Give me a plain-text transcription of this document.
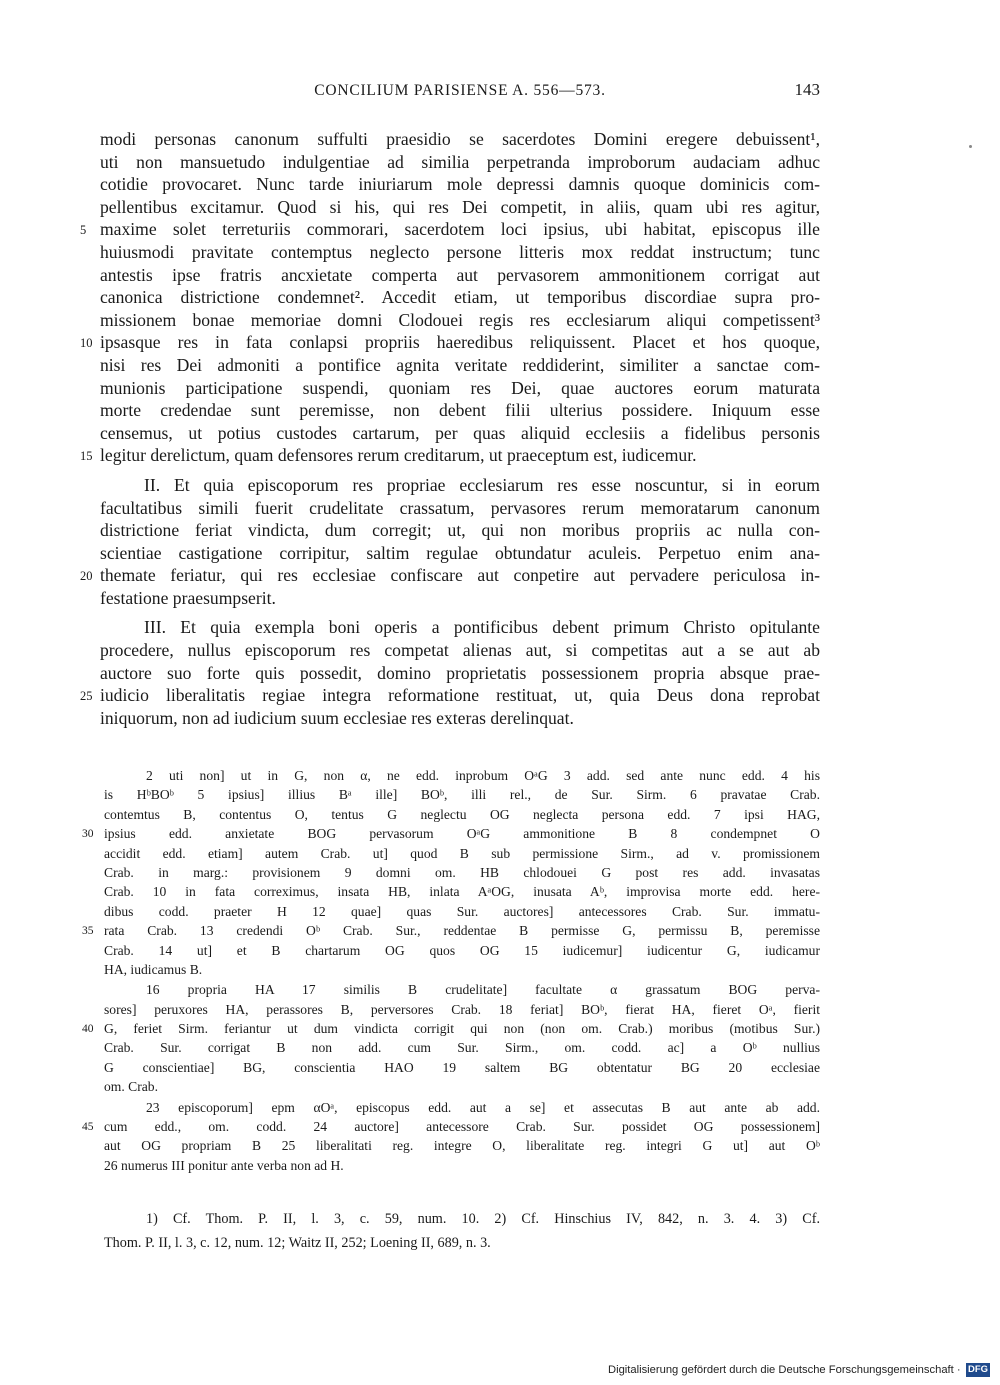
CONCILIUM PARISIENSE A. 556—573.	143
modi personas canonum suffulti praesidio se sacerdotes Domini eregere debuissent¹,
uti non mansuetudo indulgentiae ad similia perpetranda improborum audaciam adhuc
cotidie provocaret. Nunc tarde iniuriarum mole depressi damnis quoque dominicis com-
pellentibus excitamur. Quod si his, qui res Dei competit, in aliis, quam ubi res agitur,
5 maxime solet terreturiis commorari, sacerdotem loci ipsius, ubi habitat, episcopus ille
huiusmodi pravitate contemptus neglecto persone litteris mox reddat instructum; tunc
antestis ipse fratris ancxietate comperta aut pervasorem ammonitionem corrigat aut
canonica districtione condemnet². Accedit etiam, ut temporibus discordiae supra pro-
missionem bonae memoriae domni Clodouei regis res ecclesiarum aliqui competissent³
10 ipsasque res in fata conlapsi propriis haeredibus reliquissent. Placet et hos quoque,
nisi res Dei admoniti a pontifice agnita veritate reddiderint, similiter a sanctae com-
munionis participatione suspendi, quoniam res Dei, quae auctores eorum maturata
morte credendae sunt peremisse, non debent filii ulterius possidere. Iniquum esse
censemus, ut potius custodes cartarum, per quas aliquid ecclesiis a fidelibus personis
15 legitur derelictum, quam defensores rerum creditarum, ut praeceptum est, iudicemur.
II. Et quia episcoporum res propriae ecclesiarum res esse noscuntur, si in eorum
facultatibus simili fuerit crudelitate crassatum, pervasores rerum memoratarum canonum
districtione feriat vindicta, dum corregit; ut, qui non moribus propriis ac nulla con-
scientiae castigatione corripitur, saltim regulae obtundatur aculeis. Perpetuo enim ana-
20 themate feriatur, qui res ecclesiae confiscare aut conpetire aut pervadere periculosa in-
festatione praesumpserit.
III. Et quia exempla boni operis a pontificibus debent primum Christo opitulante
procedere, nullus episcoporum res competat alienas aut, si competitas aut a se aut ab
auctore suo forte quis possedit, domino proprietatis possessionem propria absque prae-
25 iudicio liberalitatis regiae integra reformatione restituat, ut, quia Deus dona reprobat
iniquorum, non ad iudicium suum ecclesiae res exteras derelinquat.
2 uti non] ut in G, non α, ne edd. inprobum OᵃG 3 add. sed ante nunc edd. 4 his
is HᵇBOᵇ 5 ipsius] illius Bᵃ ille] BOᵇ, illi rel., de Sur. Sirm. 6 pravatae Crab.
contemtus B, contentus O, tentus G neglectu OG neglecta persona edd. 7 ipsi HAG,
30 ipsius edd. anxietate BOG pervasorum OᵃG ammonitione B 8 condempnet O
accidit edd. etiam] autem Crab. ut] quod B sub permissione Sirm., ad v. promissionem
Crab. in marg.: provisionem 9 domni om. HB chlodouei G post res add. invasatas
Crab. 10 in fata correximus, insata HB, inlata AᵃOG, inusata Aᵇ, improvisa morte edd. here-
dibus codd. praeter H 12 quae] quas Sur. auctores] antecessores Crab. Sur. immatu-
35 rata Crab. 13 credendi Oᵇ Crab. Sur., reddentae B permisse G, permissu B, peremisse
Crab. 14 ut] et B chartarum OG quos OG 15 iudicemur] iudicentur G, iudicamur
HA, iudicamus B.
16 propria HA 17 similis B crudelitate] facultate α grassatum BOG perva-
sores] peruxores HA, perassores B, perversores Crab. 18 feriat] BOᵇ, fierat HA, fieret Oᵃ, fierit
40 G, feriet Sirm. feriantur ut dum vindicta corrigit qui non (non om. Crab.) moribus (motibus Sur.)
Crab. Sur. corrigat B non add. cum Sur. Sirm., om. codd. ac] a Oᵇ nullius
G conscientiae] BG, conscientia HAO 19 saltem BG obtentatur BG 20 ecclesiae
om. Crab.
23 episcoporum] epm αOᵃ, episcopus edd. aut a se] et assecutas B aut ante ab add.
45 cum edd., om. codd. 24 auctore] antecessore Crab. Sur. possidet OG possessionem]
aut OG propriam B 25 liberalitati reg. integre O, liberalitate reg. integri G ut] aut Oᵇ
26 numerus III ponitur ante verba non ad H.
1) Cf. Thom. P. II, l. 3, c. 59, num. 10. 2) Cf. Hinschius IV, 842, n. 3. 4. 3) Cf.
Thom. P. II, l. 3, c. 12, num. 12; Waitz II, 252; Loening II, 689, n. 3.
Digitalisierung gefördert durch die Deutsche Forschungsgemeinschaft · DFG
